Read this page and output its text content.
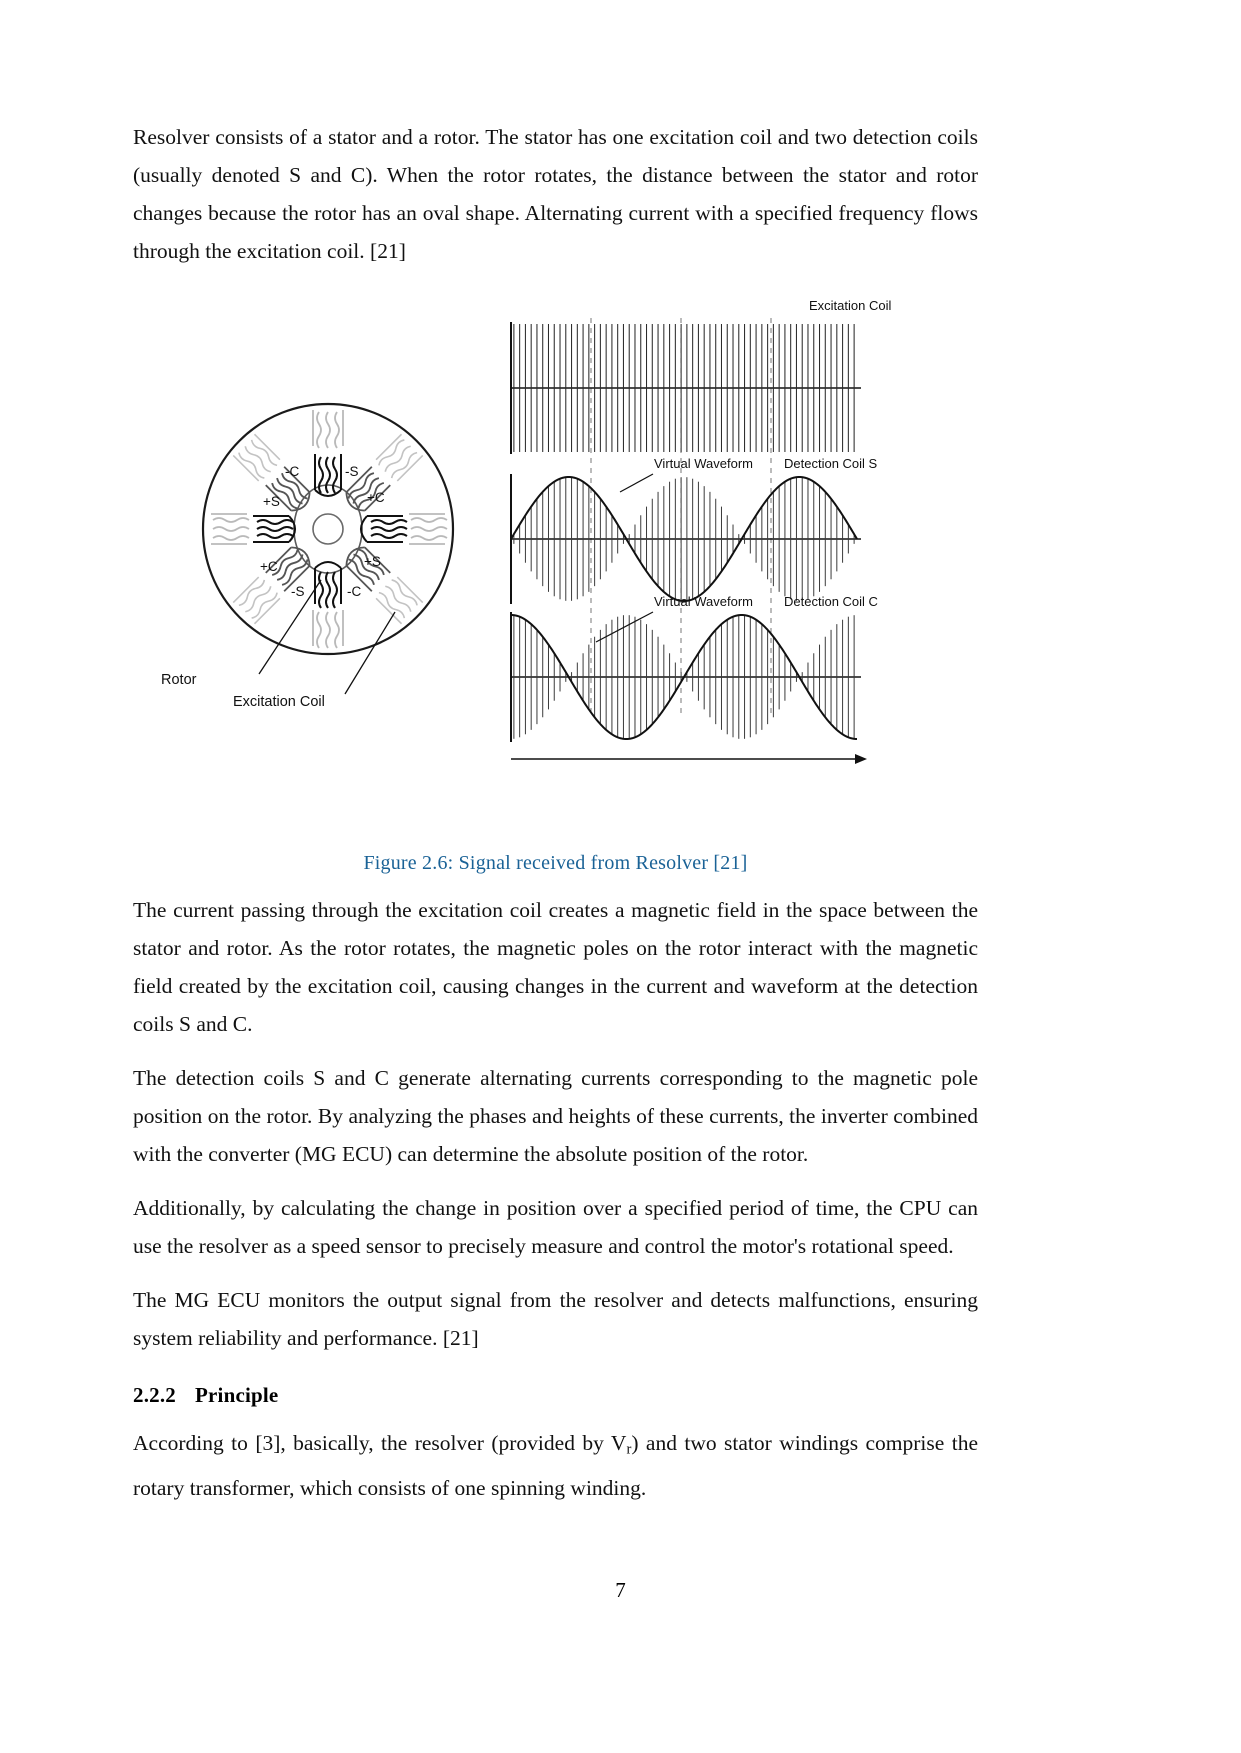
Resolver consists of a stator and a rotor. The stator has one excitation coil and two detection coils (usually denoted S and C). When the rotor rotates, the distance between the stator and rotor changes because the rotor has an oval shape. Alternating current with a specified frequency flows through the excitation coil. [21]

-C	-S
+C
+S
+S
+C
-S	-C
Rotor
Excitation Coil
Excitation Coil
Virtual Waveform Detection Coil S
Virtual Waveform Detection Coil C
Figure 2.6: Signal received from Resolver [21]

The current passing through the excitation coil creates a magnetic field in the space between the stator and rotor. As the rotor rotates, the magnetic poles on the rotor interact with the magnetic field created by the excitation coil, causing changes in the current and waveform at the detection coils S and C.

The detection coils S and C generate alternating currents corresponding to the magnetic pole position on the rotor. By analyzing the phases and heights of these currents, the inverter combined with the converter (MG ECU) can determine the absolute position of the rotor.

Additionally, by calculating the change in position over a specified period of time, the CPU can use the resolver as a speed sensor to precisely measure and control the motor's rotational speed.

The MG ECU monitors the output signal from the resolver and detects malfunctions, ensuring system reliability and performance. [21]

2.2.2 Principle

According to [3], basically, the resolver (provided by $V_r$) and two stator windings comprise the rotary transformer, which consists of one spinning winding.

7
